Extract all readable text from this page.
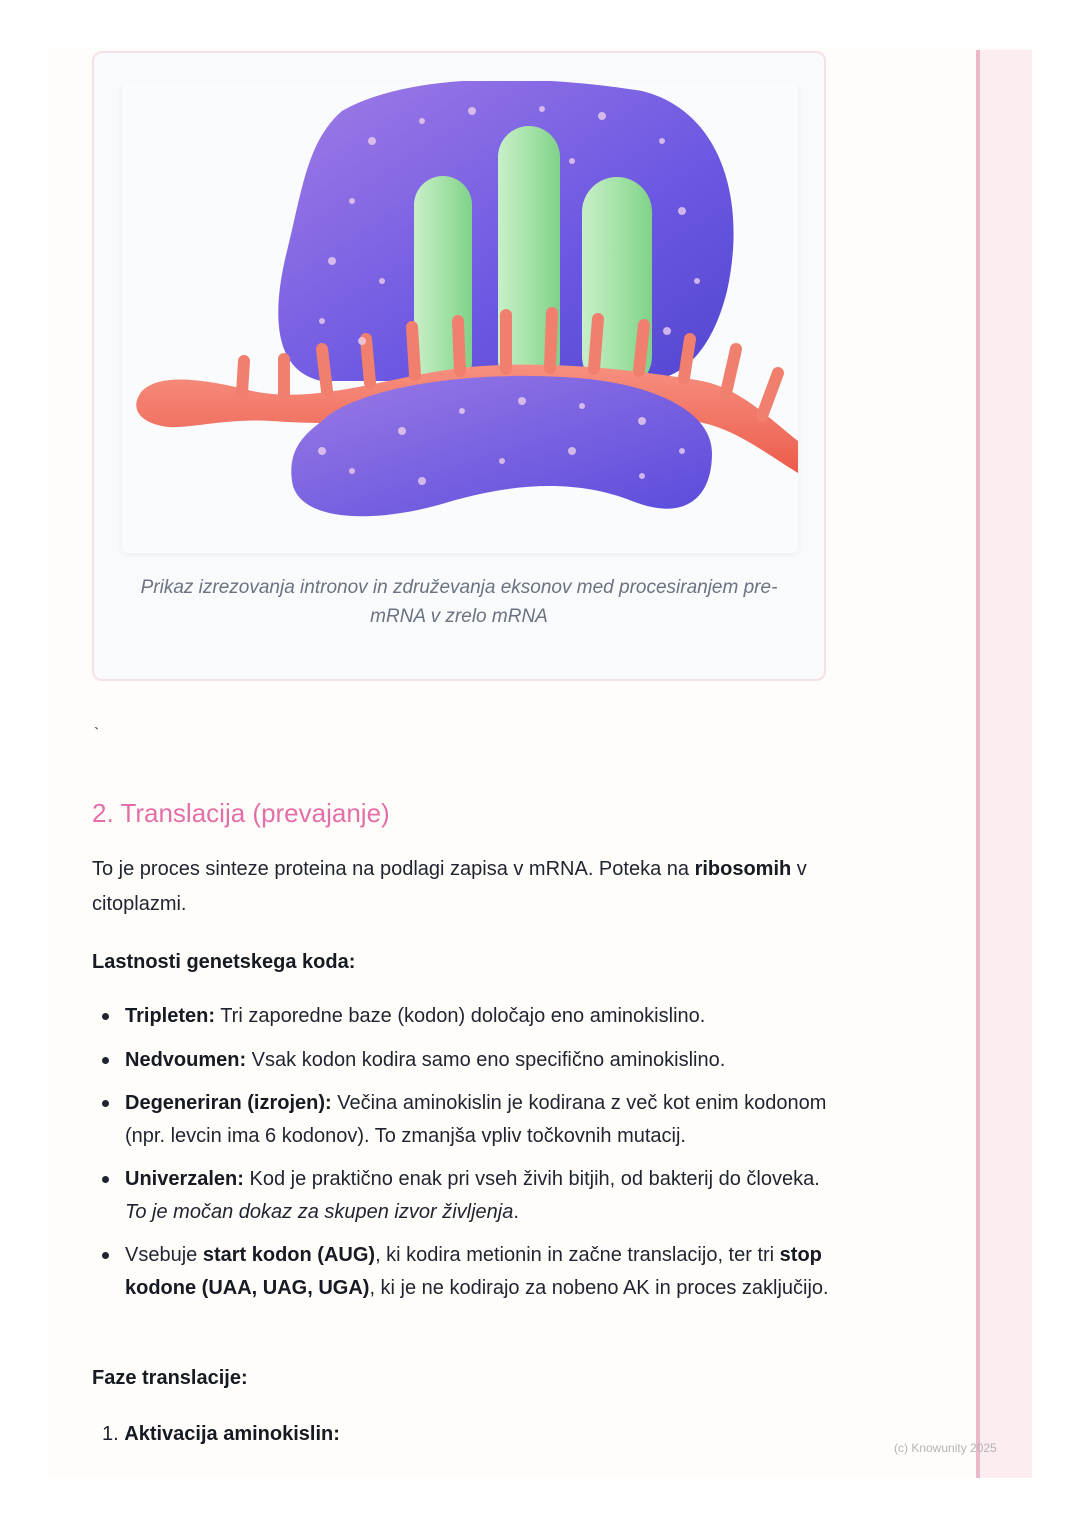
Prikaz izrezovanja intronov in združevanja eksonov med procesiranjem pre-mRNA v zrelo mRNA
`
2. Translacija (prevajanje)

To je proces sinteze proteina na podlagi zapisa v mRNA. Poteka na ribosomih v citoplazmi.

Lastnosti genetskega koda:

Tripleten: Tri zaporedne baze (kodon) določajo eno aminokislino.
Nedvoumen: Vsak kodon kodira samo eno specifično aminokislino.
Degeneriran (izrojen): Večina aminokislin je kodirana z več kot enim kodonom (npr. levcin ima 6 kodonov). To zmanjša vpliv točkovnih mutacij.
Univerzalen: Kod je praktično enak pri vseh živih bitjih, od bakterij do človeka. To je močan dokaz za skupen izvor življenja.
Vsebuje start kodon (AUG), ki kodira metionin in začne translacijo, ter tri stop kodone (UAA, UAG, UGA), ki je ne kodirajo za nobeno AK in proces zaključijo.

Faze translacije:

1. Aktivacija aminokislin:
(c) Knowunity 2025
